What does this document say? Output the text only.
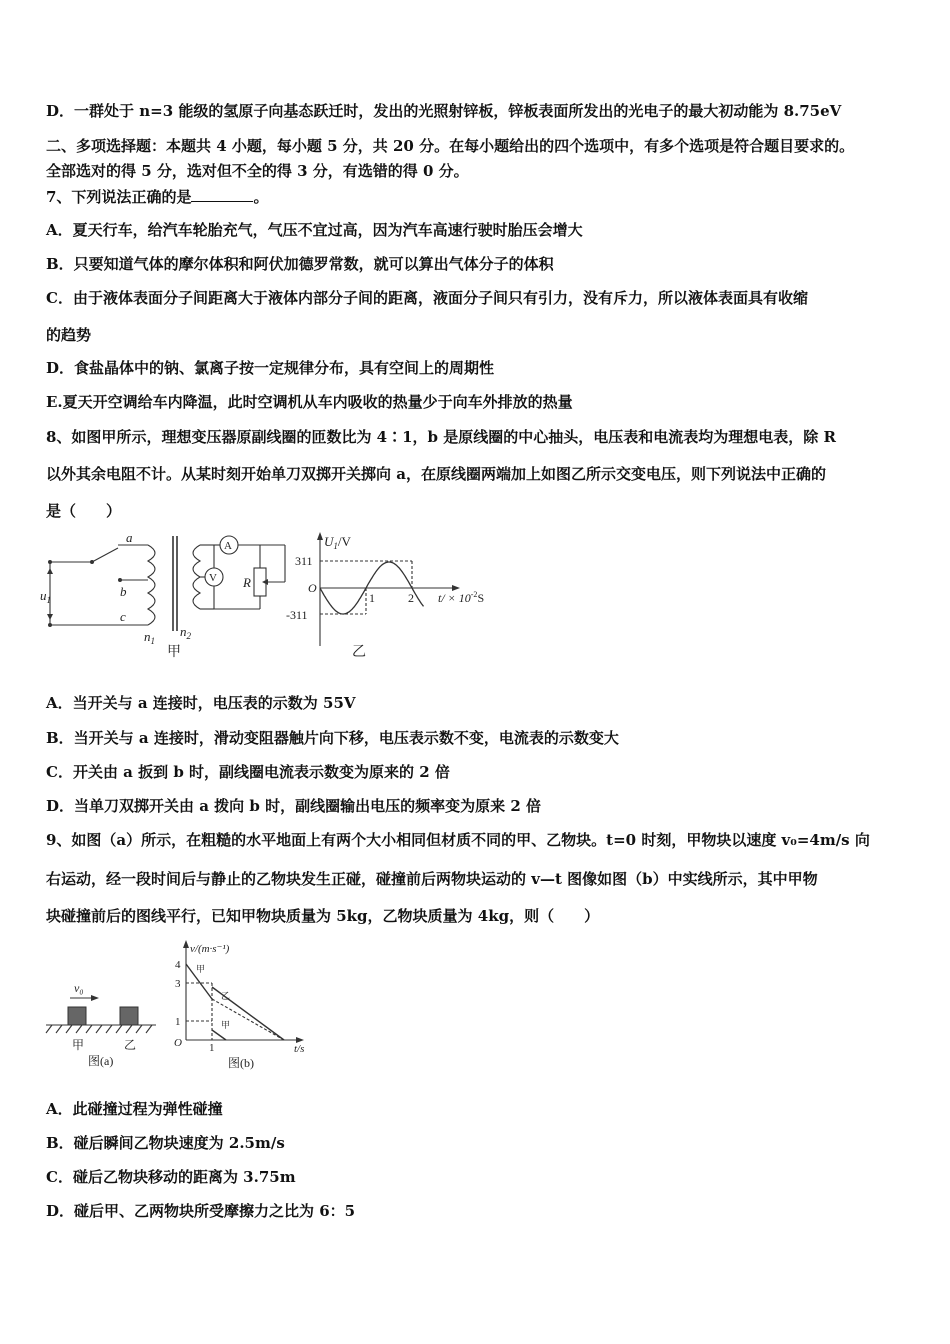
D．一群处于 n=3 能级的氢原子向基态跃迁时，发出的光照射锌板，锌板表面所发出的光电子的最大初动能为 8.75eV
二、多项选择题：本题共 4 小题，每小题 5 分，共 20 分。在每小题给出的四个选项中，有多个选项是符合题目要求的。
全部选对的得 5 分，选对但不全的得 3 分，有选错的得 0 分。
7、下列说法正确的是	。
A．夏天行车，给汽车轮胎充气，气压不宜过高，因为汽车高速行驶时胎压会增大
B．只要知道气体的摩尔体积和阿伏加德罗常数，就可以算出气体分子的体积
C．由于液体表面分子间距离大于液体内部分子间的距离，液面分子间只有引力，没有斥力，所以液体表面具有收缩
的趋势
D．食盐晶体中的钠、氯离子按一定规律分布，具有空间上的周期性
E.夏天开空调给车内降温，此时空调机从车内吸收的热量少于向车外排放的热量
8、如图甲所示，理想变压器原副线圈的匝数比为 4∶1，b 是原线圈的中心抽头，电压表和电流表均为理想电表，除 R
以外其余电阻不计。从某时刻开始单刀双掷开关掷向 a，在原线圈两端加上如图乙所示交变电压，则下列说法中正确的
是（　　）
a
b
c
$u_1$
$n_1$
$n_2$
A
V R
甲
$U_1/V$
311
-311
O
1	2 $t/ \times 10^{-2}S$
乙
A．当开关与 a 连接时，电压表的示数为 55V
B．当开关与 a 连接时，滑动变阻器触片向下移，电压表示数不变，电流表的示数变大
C．开关由 a 扳到 b 时，副线圈电流表示数变为原来的 2 倍
D．当单刀双掷开关由 a 拨向 b 时，副线圈输出电压的频率变为原来 2 倍
9、如图（a）所示，在粗糙的水平地面上有两个大小相同但材质不同的甲、乙物块。t=0 时刻，甲物块以速度 v₀=4m/s 向
右运动，经一段时间后与静止的乙物块发生正碰，碰撞前后两物块运动的 v—t 图像如图（b）中实线所示，其中甲物
块碰撞前后的图线平行，已知甲物块质量为 5kg，乙物块质量为 4kg，则（　　）
v₀
甲	乙
图(a)
v/(m·s⁻¹)
4
3
1
O 1	t/s
甲
乙
甲
图(b)
A．此碰撞过程为弹性碰撞
B．碰后瞬间乙物块速度为 2.5m/s
C．碰后乙物块移动的距离为 3.75m
D．碰后甲、乙两物块所受摩擦力之比为 6：5
